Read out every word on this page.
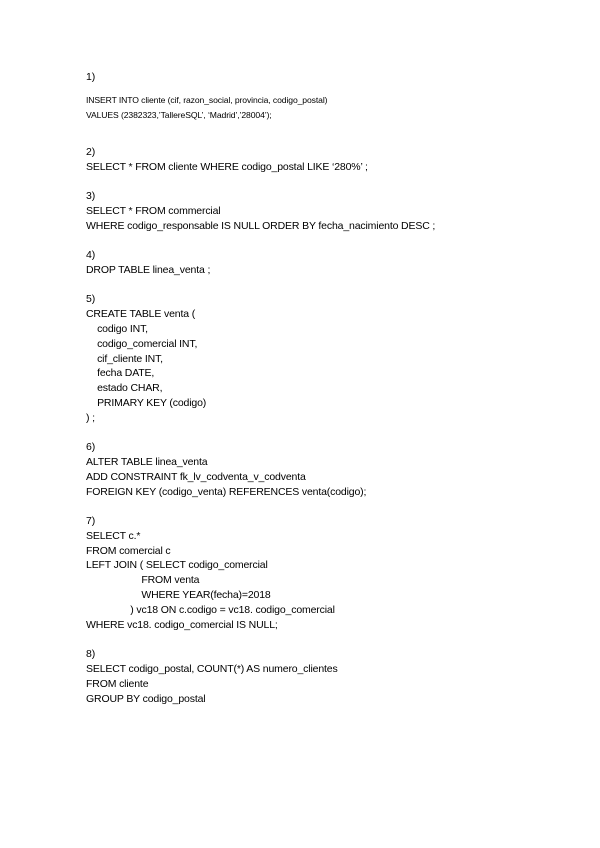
1)
INSERT INTO cliente (cif, razon_social, provincia, codigo_postal)
VALUES (2382323,’TallereSQL’, ‘Madrid’,’28004’);
2)
SELECT * FROM cliente WHERE codigo_postal LIKE ‘280%’ ;
3)
SELECT * FROM commercial
WHERE codigo_responsable IS NULL ORDER BY fecha_nacimiento DESC ;
4)
DROP TABLE linea_venta ;
5)
CREATE TABLE venta (
codigo INT,
codigo_comercial INT,
cif_cliente INT,
fecha DATE,
estado CHAR,
PRIMARY KEY (codigo)
) ;
6)
ALTER TABLE linea_venta
ADD CONSTRAINT fk_lv_codventa_v_codventa
FOREIGN KEY (codigo_venta) REFERENCES venta(codigo);
7)
SELECT c.*
FROM comercial c
LEFT JOIN ( SELECT codigo_comercial
FROM venta
WHERE YEAR(fecha)=2018
) vc18 ON c.codigo = vc18. codigo_comercial
WHERE vc18. codigo_comercial IS NULL;
8)
SELECT codigo_postal, COUNT(*) AS numero_clientes
FROM cliente
GROUP BY codigo_postal
